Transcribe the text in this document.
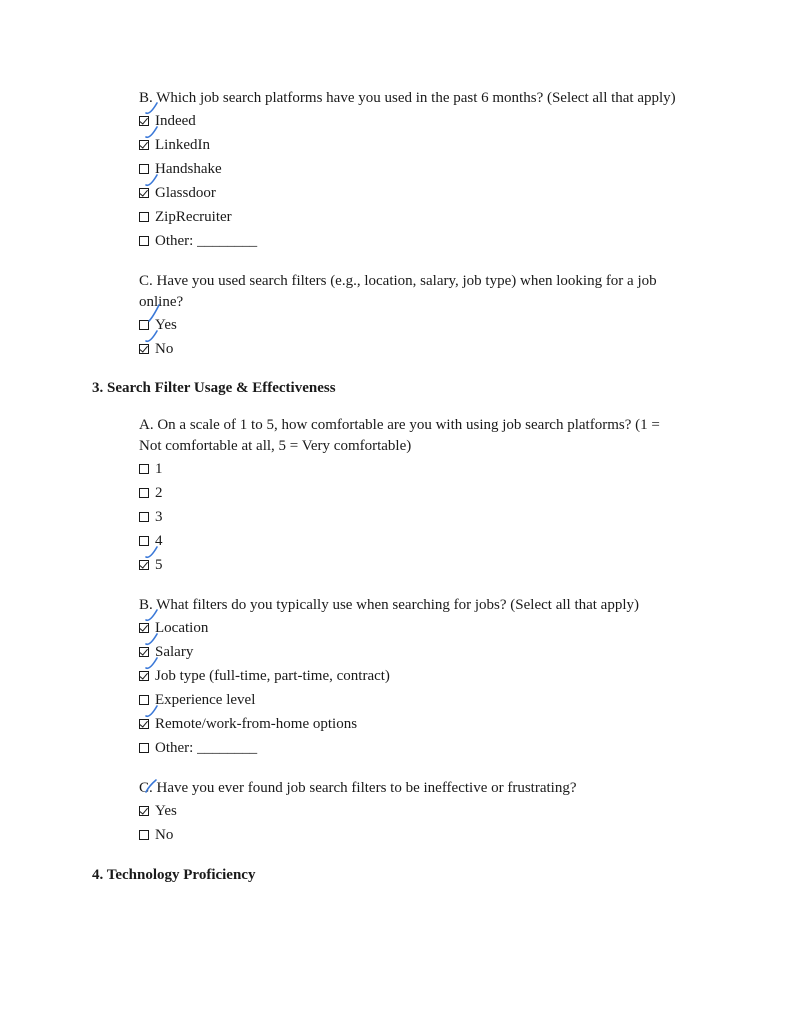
B. Which job search platforms have you used in the past 6 months? (Select all that apply)
Indeed
LinkedIn
Handshake
Glassdoor
ZipRecruiter
Other: ________
C. Have you used search filters (e.g., location, salary, job type) when looking for a job
online?
Yes
No
3. Search Filter Usage & Effectiveness
A. On a scale of 1 to 5, how comfortable are you with using job search platforms? (1 =
Not comfortable at all, 5 = Very comfortable)
1
2
3
4
5
B. What filters do you typically use when searching for jobs? (Select all that apply)
Location
Salary
Job type (full-time, part-time, contract)
Experience level
Remote/work-from-home options
Other: ________
C. Have you ever found job search filters to be ineffective or frustrating?
Yes
No
4. Technology Proficiency
